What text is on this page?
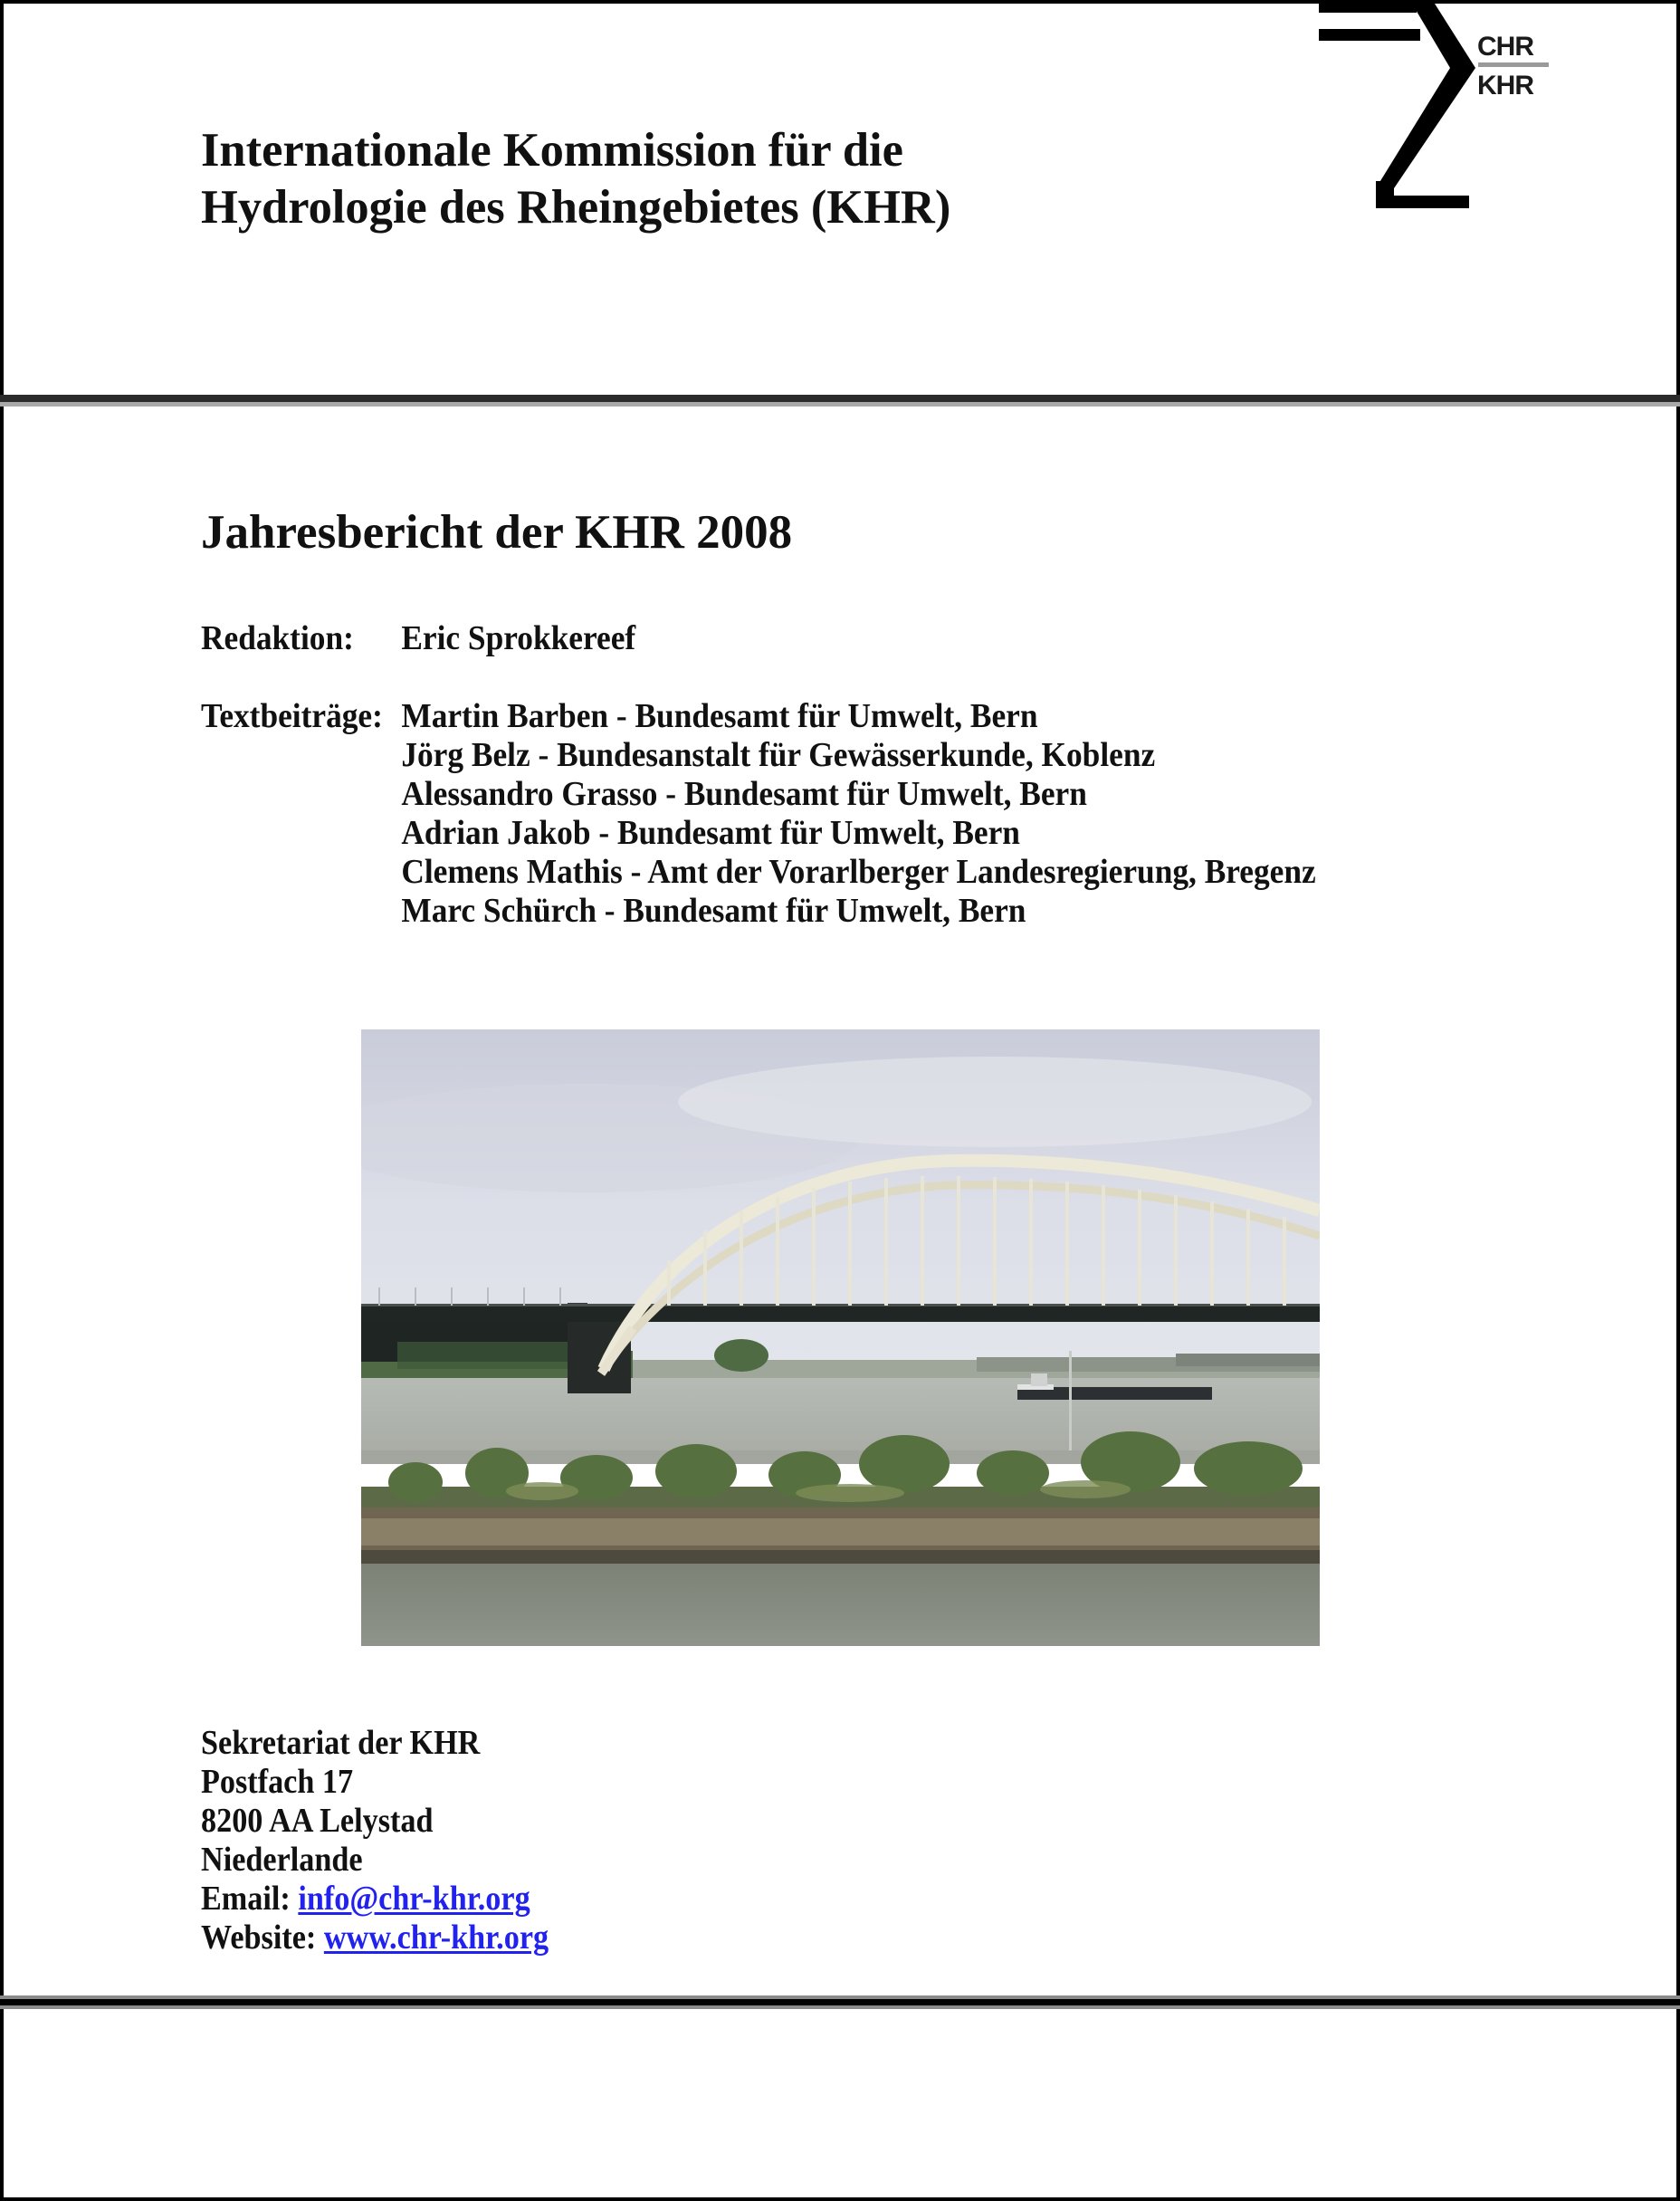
CHR
KHR
Internationale Kommission für die
Hydrologie des Rheingebietes (KHR)
Jahresbericht der KHR 2008
Redaktion: Eric Sprokkereef
Textbeiträge: Martin Barben - Bundesamt für Umwelt, Bern
Jörg Belz - Bundesanstalt für Gewässerkunde, Koblenz
Alessandro Grasso - Bundesamt für Umwelt, Bern
Adrian Jakob - Bundesamt für Umwelt, Bern
Clemens Mathis - Amt der Vorarlberger Landesregierung, Bregenz
Marc Schürch - Bundesamt für Umwelt, Bern
Sekretariat der KHR
Postfach 17
8200 AA Lelystad
Niederlande
Email: info@chr-khr.org
Website: www.chr-khr.org
